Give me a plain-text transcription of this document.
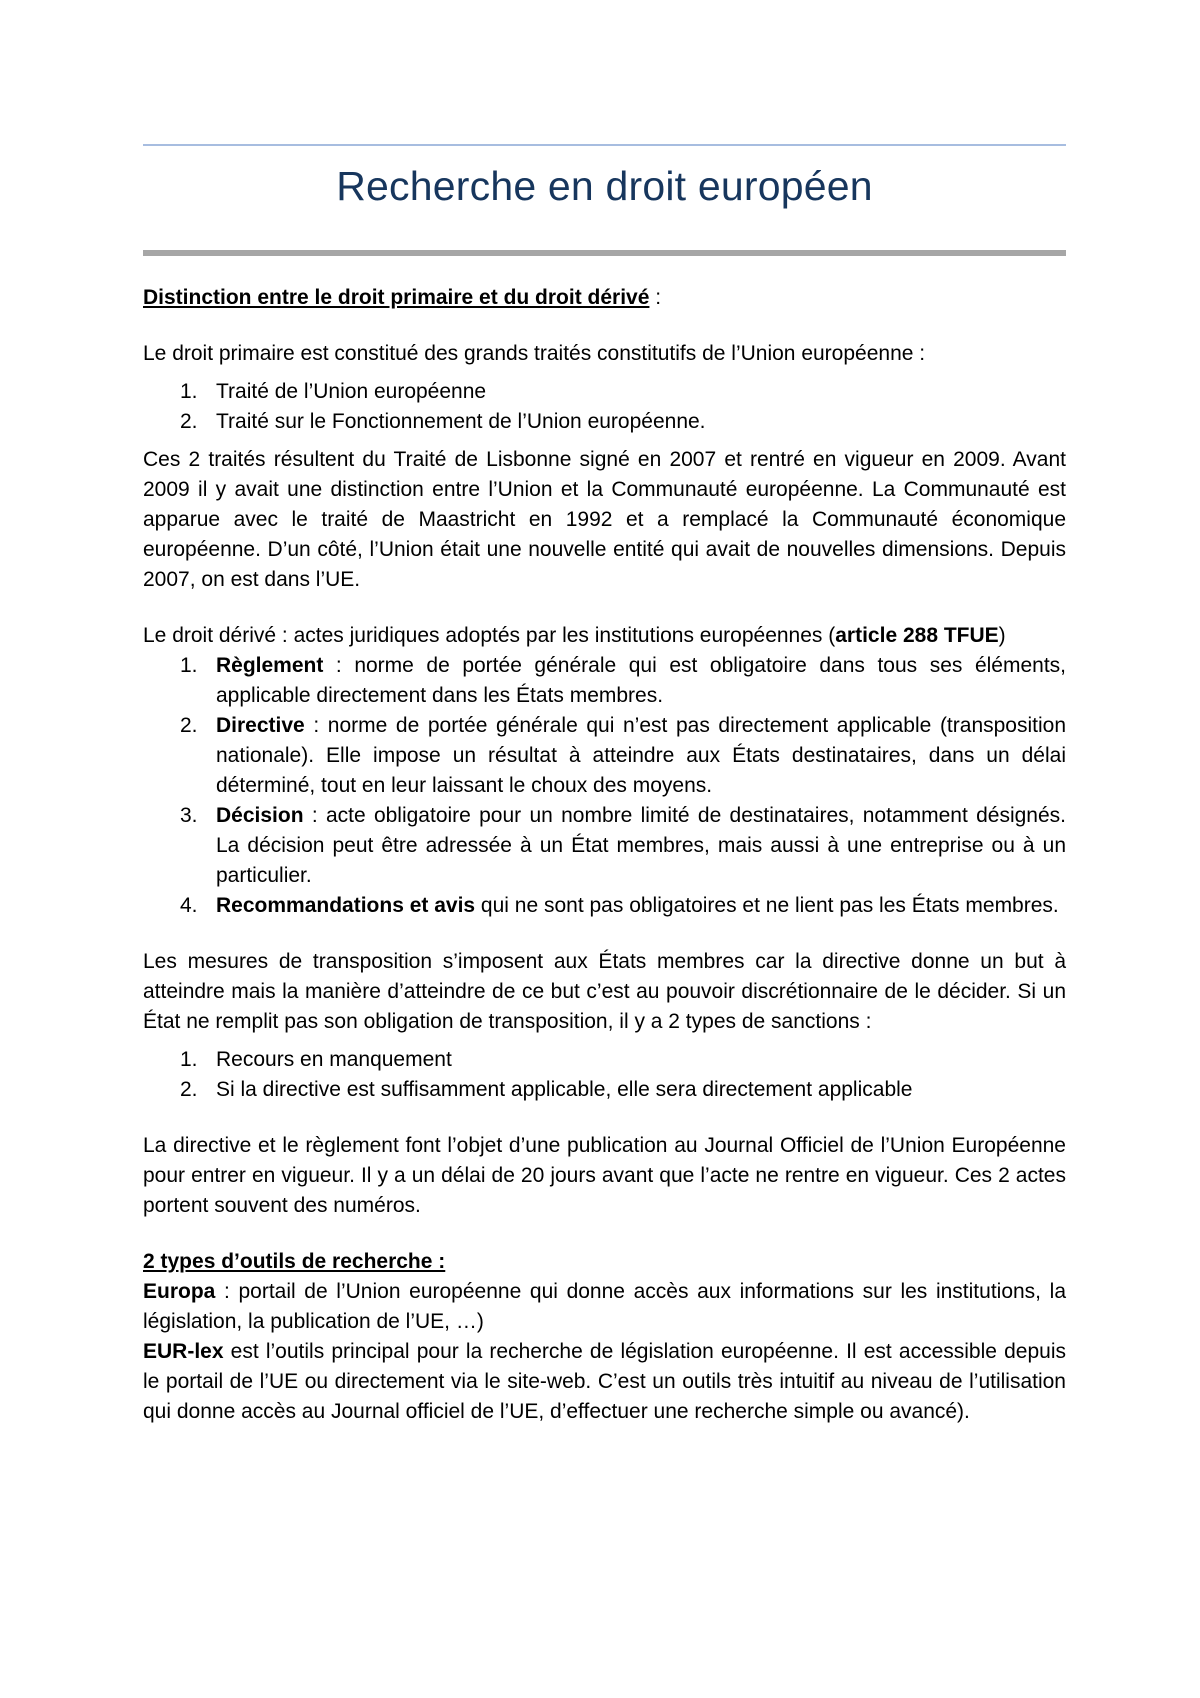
Recherche en droit européen

Distinction entre le droit primaire et du droit dérivé :

Le droit primaire est constitué des grands traités constitutifs de l’Union européenne :

1. Traité de l’Union européenne
2. Traité sur le Fonctionnement de l’Union européenne.

Ces 2 traités résultent du Traité de Lisbonne signé en 2007 et rentré en vigueur en 2009. Avant 2009 il y avait une distinction entre l’Union et la Communauté européenne. La Communauté est apparue avec le traité de Maastricht en 1992 et a remplacé la Communauté économique européenne. D’un côté, l’Union était une nouvelle entité qui avait de nouvelles dimensions. Depuis 2007, on est dans l’UE.

Le droit dérivé : actes juridiques adoptés par les institutions européennes (article 288 TFUE)

1. Règlement : norme de portée générale qui est obligatoire dans tous ses éléments, applicable directement dans les États membres.
2. Directive : norme de portée générale qui n’est pas directement applicable (transposition nationale). Elle impose un résultat à atteindre aux États destinataires, dans un délai déterminé, tout en leur laissant le choux des moyens.
3. Décision : acte obligatoire pour un nombre limité de destinataires, notamment désignés. La décision peut être adressée à un État membres, mais aussi à une entreprise ou à un particulier.
4. Recommandations et avis qui ne sont pas obligatoires et ne lient pas les États membres.

Les mesures de transposition s’imposent aux États membres car la directive donne un but à atteindre mais la manière d’atteindre de ce but c’est au pouvoir discrétionnaire de le décider. Si un État ne remplit pas son obligation de transposition, il y a 2 types de sanctions :

1. Recours en manquement
2. Si la directive est suffisamment applicable, elle sera directement applicable

La directive et le règlement font l’objet d’une publication au Journal Officiel de l’Union Européenne pour entrer en vigueur. Il y a un délai de 20 jours avant que l’acte ne rentre en vigueur. Ces 2 actes portent souvent des numéros.

2 types d’outils de recherche :

Europa : portail de l’Union européenne qui donne accès aux informations sur les institutions, la législation, la publication de l’UE, …)

EUR-lex est l’outils principal pour la recherche de législation européenne. Il est accessible depuis le portail de l’UE ou directement via le site-web. C’est un outils très intuitif au niveau de l’utilisation qui donne accès au Journal officiel de l’UE, d’effectuer une recherche simple ou avancé).
